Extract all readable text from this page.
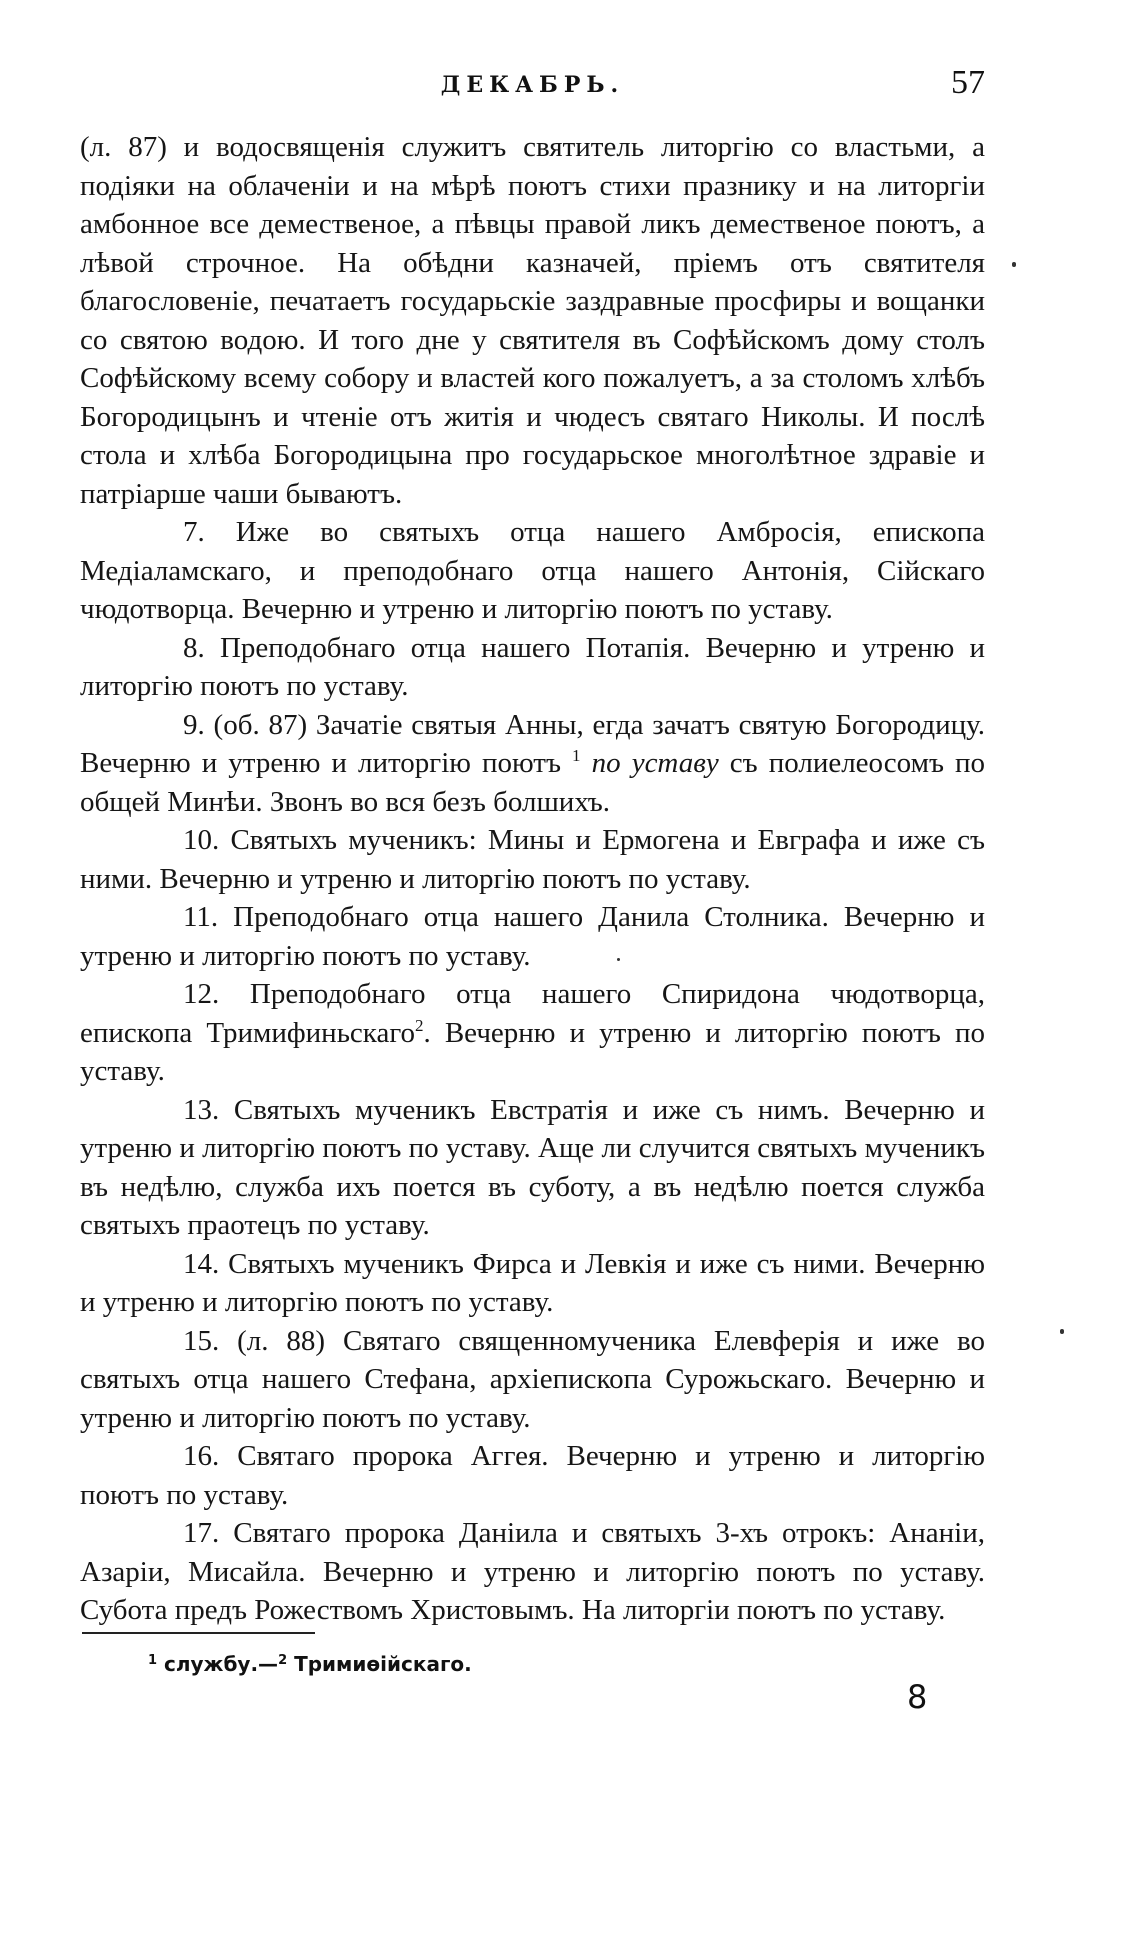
ДЕКАБРЬ.	57

(л. 87) и водосвященія служитъ святитель литоргію со властьми, а подіяки на облаченіи и на мѣрѣ поютъ стихи празнику и на литоргіи амбонное все демественое, а пѣвцы правой ликъ демественое поютъ, а лѣвой строчное. На обѣдни казначей, пріемъ отъ святителя благословеніе, печатаетъ государьскіе заздравные просфиры и вощанки со святою водою. И того дне у святителя въ Софѣйскомъ дому столъ Софѣйскому всему собору и властей кого пожалуетъ, а за столомъ хлѣбъ Богородицынъ и чтеніе отъ житія и чюдесъ святаго Николы. И послѣ стола и хлѣба Богородицына про государьское многолѣтное здравіе и патріарше чаши бываютъ.

7. Иже во святыхъ отца нашего Амбросія, епископа Медіаламскаго, и преподобнаго отца нашего Антонія, Сійскаго чюдотворца. Вечерню и утреню и литоргію поютъ по уставу.

8. Преподобнаго отца нашего Потапія. Вечерню и утреню и литоргію поютъ по уставу.

9. (об. 87) Зачатіе святыя Анны, егда зачатъ святую Богородицу. Вечерню и утреню и литоргію поютъ $^1$ по уставу съ полиелеосомъ по общей Минѣи. Звонъ во вся безъ болшихъ.

10. Святыхъ мученикъ: Мины и Ермогена и Евграфа и иже съ ними. Вечерню и утреню и литоргію поютъ по уставу.

11. Преподобнаго отца нашего Данила Столника. Вечерню и утреню и литоргію поютъ по уставу.

12. Преподобнаго отца нашего Спиридона чюдотворца, епископа Тримифиньскаго$^2$. Вечерню и утреню и литоргію поютъ по уставу.

13. Святыхъ мученикъ Евстратія и иже съ нимъ. Вечерню и утреню и литоргію поютъ по уставу. Аще ли случится святыхъ мученикъ въ недѣлю, служба ихъ поется въ суботу, а въ недѣлю поется служба святыхъ праотецъ по уставу.

14. Святыхъ мученикъ Фирса и Левкія и иже съ ними. Вечерню и утреню и литоргію поютъ по уставу.

15. (л. 88) Святаго священномученика Елевферія и иже во святыхъ отца нашего Стефана, архіепископа Сурожьскаго. Вечерню и утреню и литоргію поютъ по уставу.

16. Святаго пророка Аггея. Вечерню и утреню и литоргію поютъ по уставу.

17. Святаго пророка Даніила и святыхъ 3-хъ отрокъ: Ананіи, Азаріи, Мисайла. Вечерню и утреню и литоргію поютъ по уставу. Субота предъ Рожествомъ Христовымъ. На литоргіи поютъ по уставу.

$^1$ службу.—$^2$ Тримиѳійскаго.
8
